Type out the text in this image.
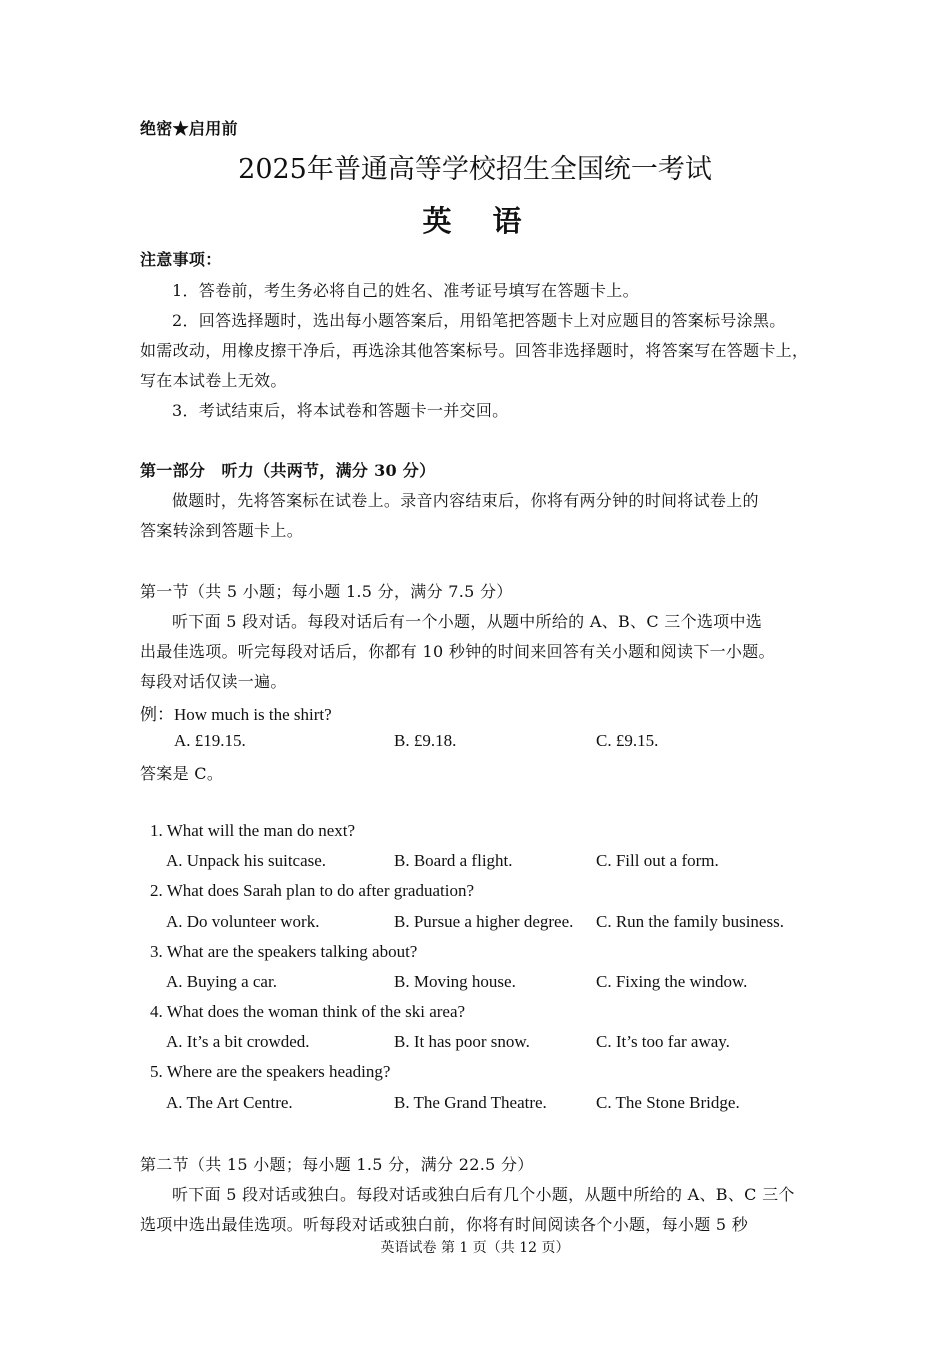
绝密★启用前
2025年普通高等学校招生全国统一考试
英　语
注意事项：
1．答卷前，考生务必将自己的姓名、准考证号填写在答题卡上。
2．回答选择题时，选出每小题答案后，用铅笔把答题卡上对应题目的答案标号涂黑。
如需改动，用橡皮擦干净后，再选涂其他答案标号。回答非选择题时，将答案写在答题卡上，
写在本试卷上无效。
3．考试结束后，将本试卷和答题卡一并交回。
第一部分　听力（共两节，满分 30 分）
做题时，先将答案标在试卷上。录音内容结束后，你将有两分钟的时间将试卷上的
答案转涂到答题卡上。
第一节（共 5 小题；每小题 1.5 分，满分 7.5 分）
听下面 5 段对话。每段对话后有一个小题，从题中所给的 A、B、C 三个选项中选
出最佳选项。听完每段对话后，你都有 10 秒钟的时间来回答有关小题和阅读下一小题。
每段对话仅读一遍。
例：How much is the shirt?
A. £19.15.	B. £9.18.	C. £9.15.
答案是 C。
1. What will the man do next?
A. Unpack his suitcase.	B. Board a flight.	C. Fill out a form.
2. What does Sarah plan to do after graduation?
A. Do volunteer work.	B. Pursue a higher degree. C. Run the family business.
3. What are the speakers talking about?
A. Buying a car.	B. Moving house.	C. Fixing the window.
4. What does the woman think of the ski area?
A. It’s a bit crowded.	B. It has poor snow.	C. It’s too far away.
5. Where are the speakers heading?
A. The Art Centre.	B. The Grand Theatre.	C. The Stone Bridge.
第二节（共 15 小题；每小题 1.5 分，满分 22.5 分）
听下面 5 段对话或独白。每段对话或独白后有几个小题，从题中所给的 A、B、C 三个
选项中选出最佳选项。听每段对话或独白前，你将有时间阅读各个小题，每小题 5 秒
英语试卷 第 1 页（共 12 页）
